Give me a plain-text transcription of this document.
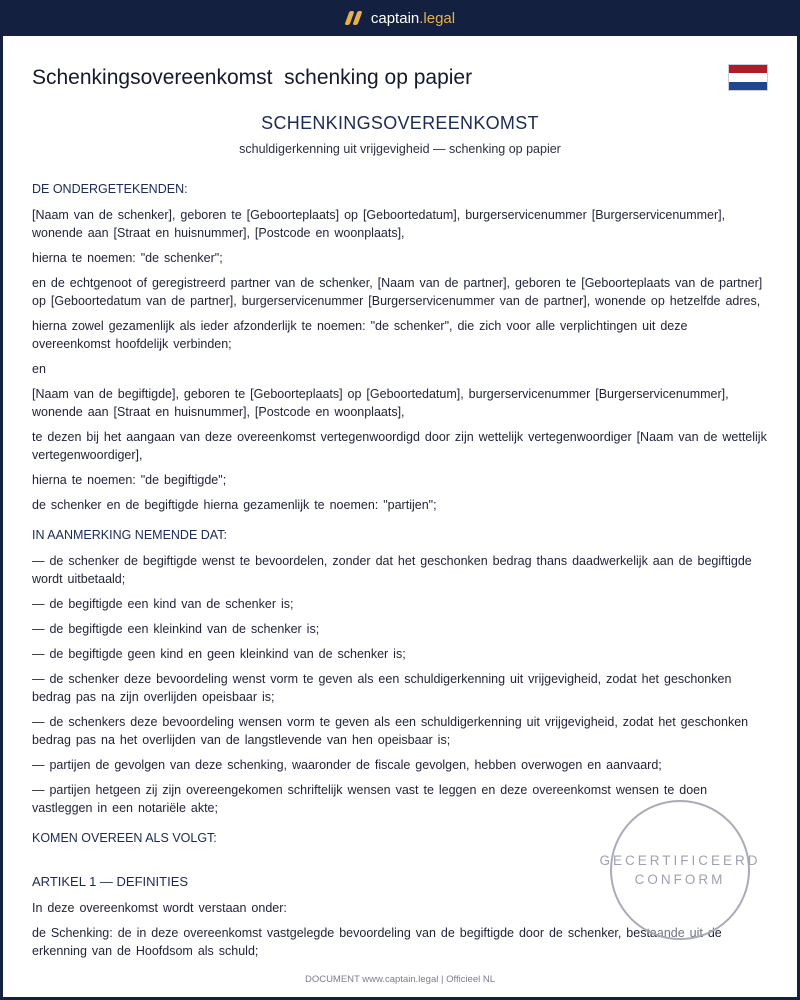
captain.legal
Schenkingsovereenkomst  schenking op papier
SCHENKINGSOVEREENKOMST
schuldigerkenning uit vrijgevigheid — schenking op papier
DE ONDERGETEKENDEN:

[Naam van de schenker], geboren te [Geboorteplaats] op [Geboortedatum], burgerservicenummer [Burgerservicenummer], wonende aan [Straat en huisnummer], [Postcode en woonplaats],

hierna te noemen: "de schenker";

en de echtgenoot of geregistreerd partner van de schenker, [Naam van de partner], geboren te [Geboorteplaats van de partner] op [Geboortedatum van de partner], burgerservicenummer [Burgerservicenummer van de partner], wonende op hetzelfde adres,

hierna zowel gezamenlijk als ieder afzonderlijk te noemen: "de schenker", die zich voor alle verplichtingen uit deze overeenkomst hoofdelijk verbinden;

en

[Naam van de begiftigde], geboren te [Geboorteplaats] op [Geboortedatum], burgerservicenummer [Burgerservicenummer], wonende aan [Straat en huisnummer], [Postcode en woonplaats],

te dezen bij het aangaan van deze overeenkomst vertegenwoordigd door zijn wettelijk vertegenwoordiger [Naam van de wettelijk vertegenwoordiger],

hierna te noemen: "de begiftigde";

de schenker en de begiftigde hierna gezamenlijk te noemen: "partijen";

IN AANMERKING NEMENDE DAT:

— de schenker de begiftigde wenst te bevoordelen, zonder dat het geschonken bedrag thans daadwerkelijk aan de begiftigde wordt uitbetaald;

— de begiftigde een kind van de schenker is;

— de begiftigde een kleinkind van de schenker is;

— de begiftigde geen kind en geen kleinkind van de schenker is;

— de schenker deze bevoordeling wenst vorm te geven als een schuldigerkenning uit vrijgevigheid, zodat het geschonken bedrag pas na zijn overlijden opeisbaar is;

— de schenkers deze bevoordeling wensen vorm te geven als een schuldigerkenning uit vrijgevigheid, zodat het geschonken bedrag pas na het overlijden van de langstlevende van hen opeisbaar is;

— partijen de gevolgen van deze schenking, waaronder de fiscale gevolgen, hebben overwogen en aanvaard;

— partijen hetgeen zij zijn overeengekomen schriftelijk wensen vast te leggen en deze overeenkomst wensen te doen vastleggen in een notariële akte;

KOMEN OVEREEN ALS VOLGT:
ARTIKEL 1 — DEFINITIES

In deze overeenkomst wordt verstaan onder:

de Schenking: de in deze overeenkomst vastgelegde bevoordeling van de begiftigde door de schenker, bestaande uit de erkenning van de Hoofdsom als schuld;

GECERTIFICEERD
CONFORM
DOCUMENT www.captain.legal | Officieel NL
